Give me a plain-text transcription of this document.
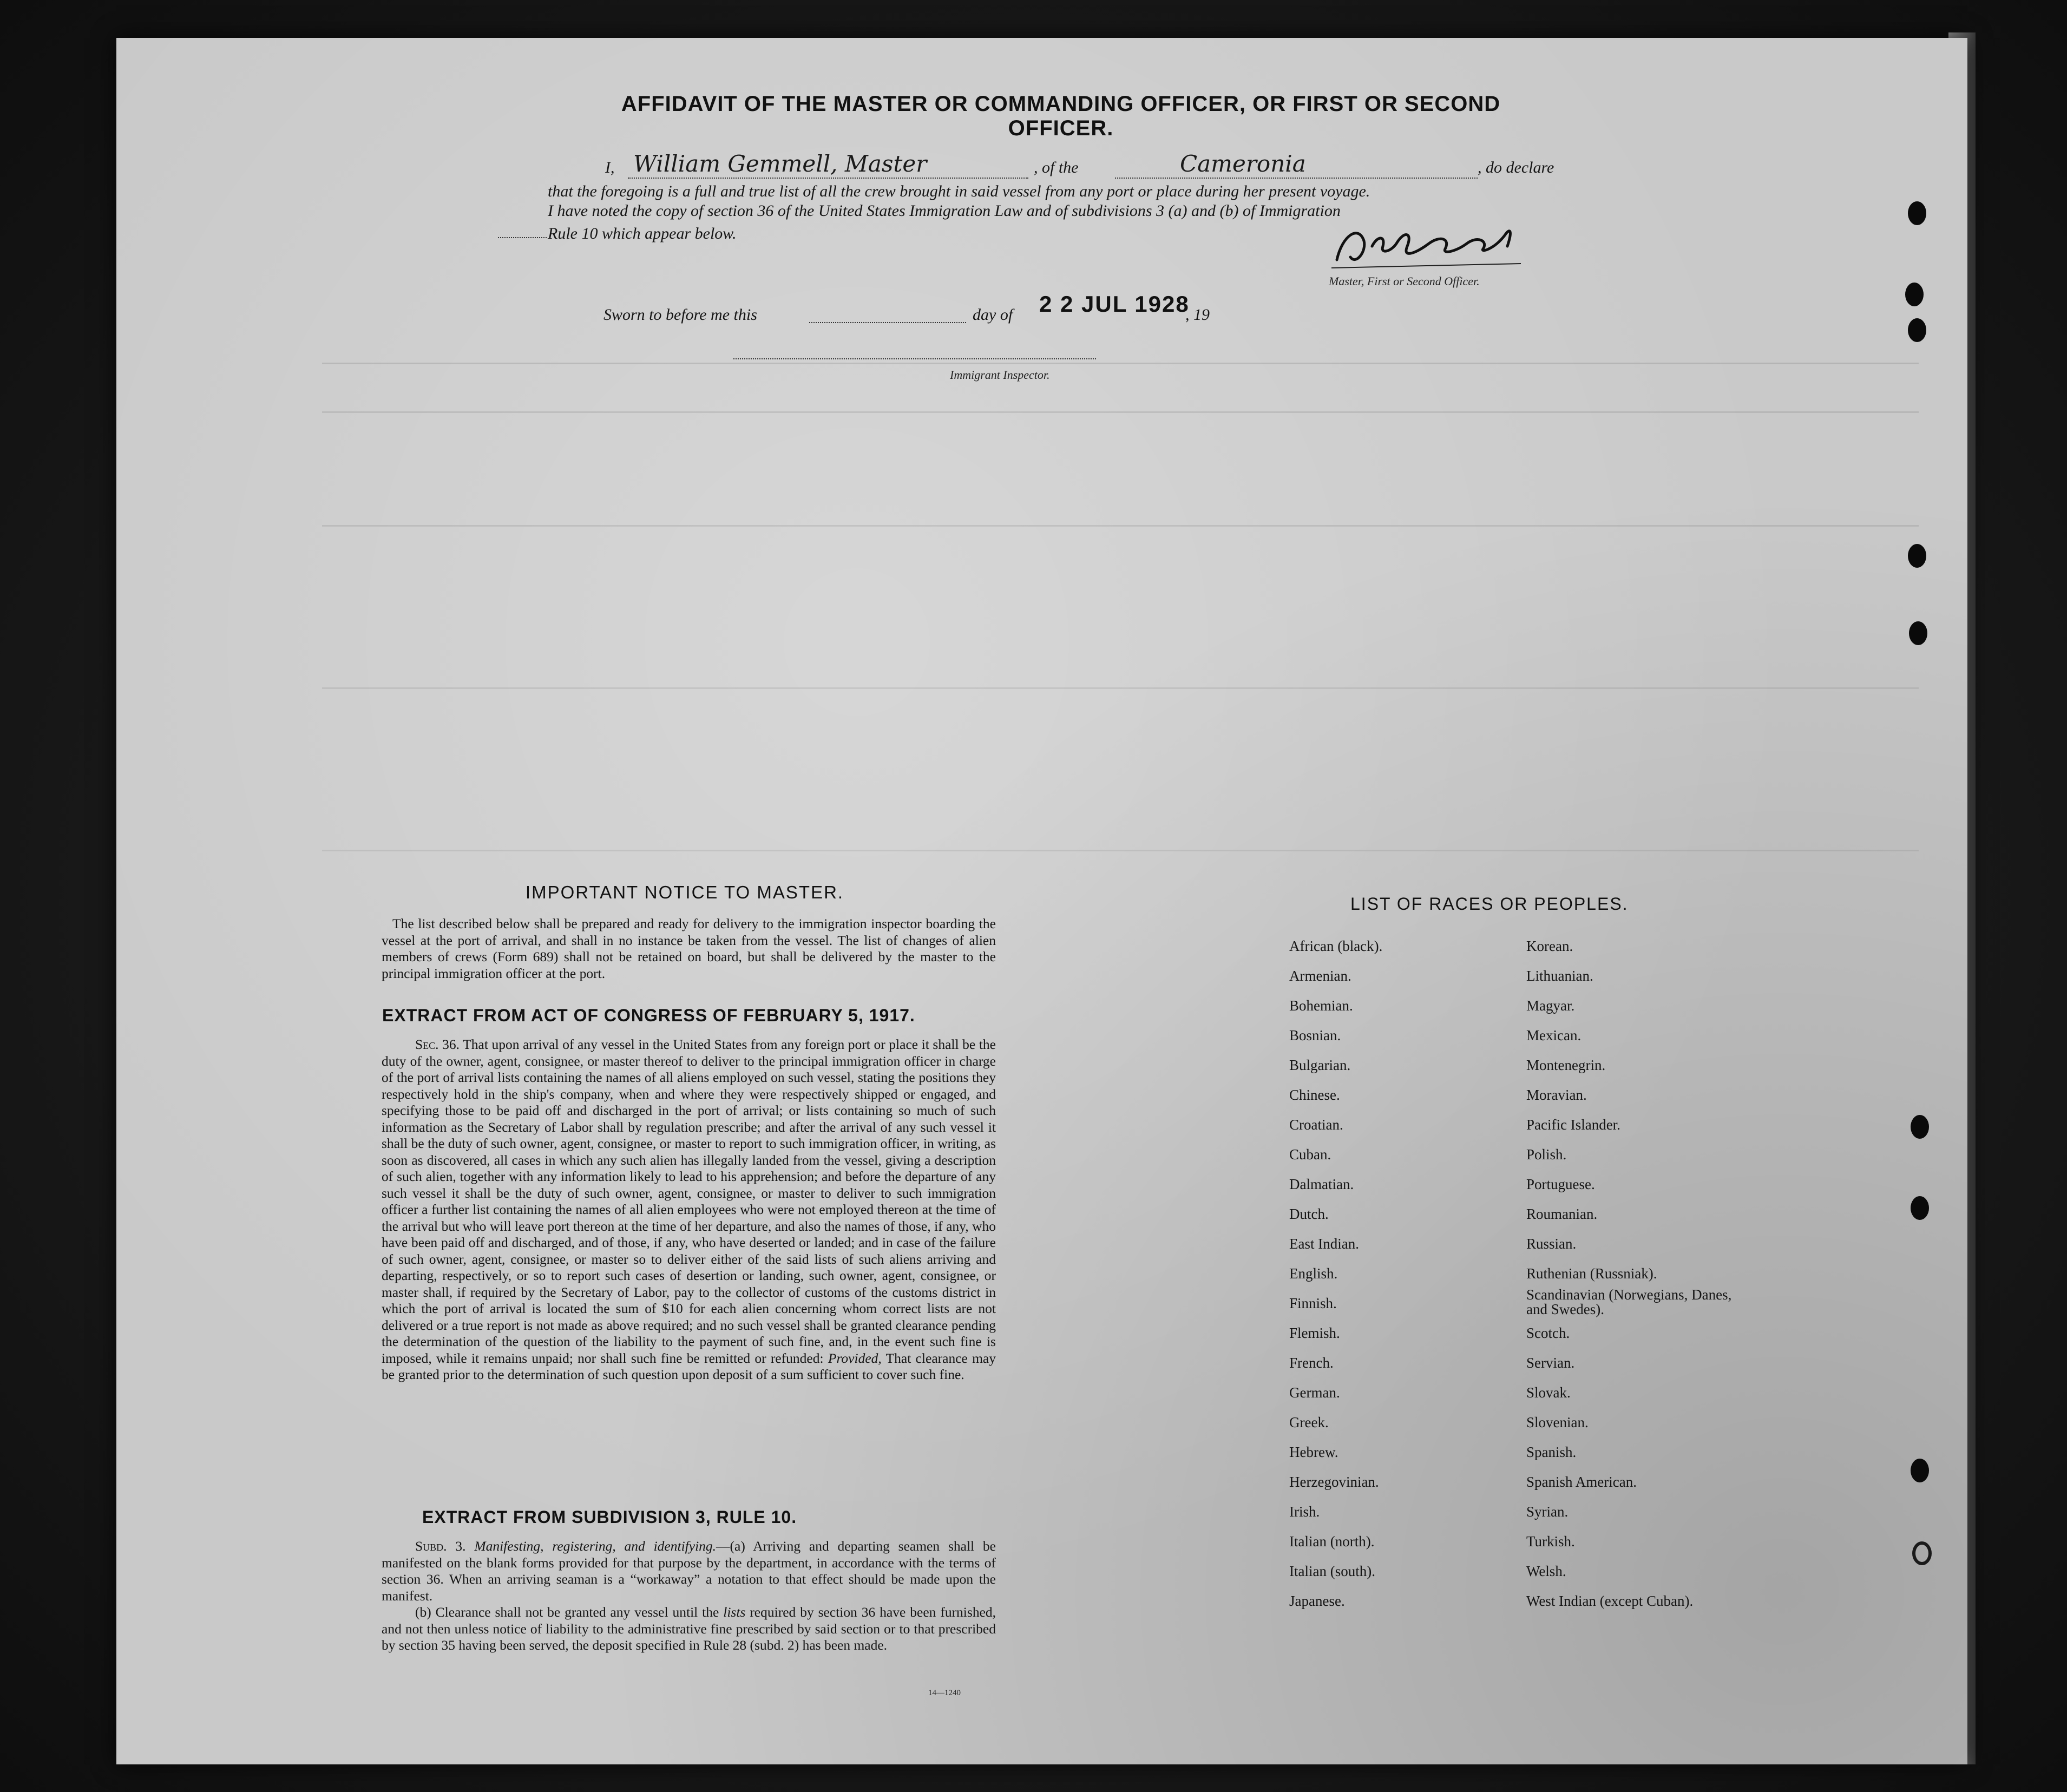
AFFIDAVIT OF THE MASTER OR COMMANDING OFFICER, OR FIRST OR SECOND OFFICER.
I, William Gemmell, Master	, of the	Cameronia	, do declare
that the foregoing is a full and true list of all the crew brought in said vessel from any port or place during her present voyage.
I have noted the copy of section 36 of the United States Immigration Law and of subdivisions 3 (a) and (b) of Immigration
Rule 10 which appear below.
Master, First or Second Officer.
Sworn to before me this	day of 2 2 JUL 1928
, 19
Immigrant Inspector.
IMPORTANT NOTICE TO MASTER.

The list described below shall be prepared and ready for delivery to the immigration inspector boarding the vessel at the port of arrival, and shall in no instance be taken from the vessel. The list of changes of alien members of crews (Form 689) shall not be retained on board, but shall be delivered by the master to the principal immigration officer at the port.

EXTRACT FROM ACT OF CONGRESS OF FEBRUARY 5, 1917.

Sec. 36. That upon arrival of any vessel in the United States from any foreign port or place it shall be the duty of the owner, agent, consignee, or master thereof to deliver to the principal immigration officer in charge of the port of arrival lists containing the names of all aliens employed on such vessel, stating the positions they respectively hold in the ship's company, when and where they were respectively shipped or engaged, and specifying those to be paid off and discharged in the port of arrival; or lists containing so much of such information as the Secretary of Labor shall by regulation prescribe; and after the arrival of any such vessel it shall be the duty of such owner, agent, consignee, or master to report to such immigration officer, in writing, as soon as discovered, all cases in which any such alien has illegally landed from the vessel, giving a description of such alien, together with any information likely to lead to his apprehension; and before the departure of any such vessel it shall be the duty of such owner, agent, consignee, or master to deliver to such immigration officer a further list containing the names of all alien employees who were not employed thereon at the time of the arrival but who will leave port thereon at the time of her departure, and also the names of those, if any, who have been paid off and discharged, and of those, if any, who have deserted or landed; and in case of the failure of such owner, agent, consignee, or master so to deliver either of the said lists of such aliens arriving and departing, respectively, or so to report such cases of desertion or landing, such owner, agent, consignee, or master shall, if required by the Secretary of Labor, pay to the collector of customs of the customs district in which the port of arrival is located the sum of $10 for each alien concerning whom correct lists are not delivered or a true report is not made as above required; and no such vessel shall be granted clearance pending the determination of the question of the liability to the payment of such fine, and, in the event such fine is imposed, while it remains unpaid; nor shall such fine be remitted or refunded: Provided, That clearance may be granted prior to the determination of such question upon deposit of a sum sufficient to cover such fine.

EXTRACT FROM SUBDIVISION 3, RULE 10.

Subd. 3. Manifesting, registering, and identifying.—(a) Arriving and departing seamen shall be manifested on the blank forms provided for that purpose by the department, in accordance with the terms of section 36. When an arriving seaman is a “workaway” a notation to that effect should be made upon the manifest.

(b) Clearance shall not be granted any vessel until the lists required by section 36 have been furnished, and not then unless notice of liability to the administrative fine prescribed by said section or to that prescribed by section 35 having been served, the deposit specified in Rule 28 (subd. 2) has been made.

14—1240
LIST OF RACES OR PEOPLES.
African (black).
Armenian.
Bohemian.
Bosnian.
Bulgarian.
Chinese.
Croatian.
Cuban.
Dalmatian.
Dutch.
East Indian.
English.
Finnish.
Flemish.
French.
German.
Greek.
Hebrew.
Herzegovinian.
Irish.
Italian (north).
Italian (south).
Japanese.
Korean.
Lithuanian.
Magyar.
Mexican.
Montenegrin.
Moravian.
Pacific Islander.
Polish.
Portuguese.
Roumanian.
Russian.
Ruthenian (Russniak).
Scandinavian (Norwegians, Danes, and Swedes).
Scotch.
Servian.
Slovak.
Slovenian.
Spanish.
Spanish American.
Syrian.
Turkish.
Welsh.
West Indian (except Cuban).
